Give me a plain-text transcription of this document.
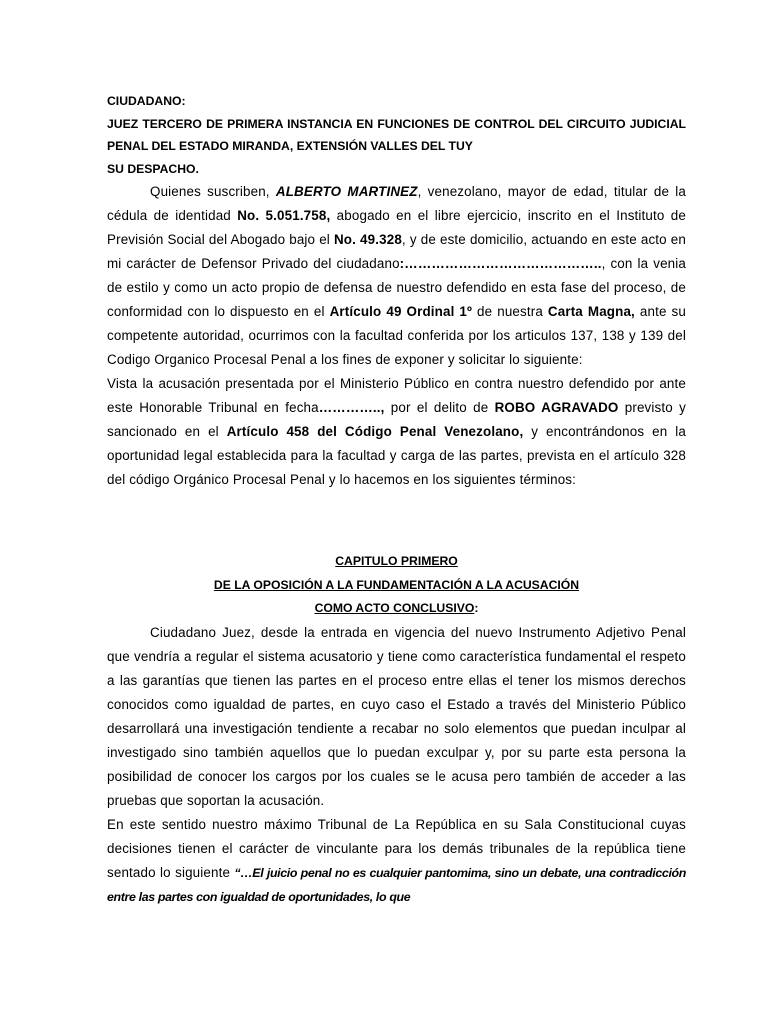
CIUDADANO:
JUEZ TERCERO DE PRIMERA INSTANCIA EN FUNCIONES DE CONTROL DEL CIRCUITO JUDICIAL PENAL DEL ESTADO MIRANDA, EXTENSIÓN VALLES DEL TUY
SU DESPACHO.
Quienes suscriben, ALBERTO MARTINEZ, venezolano, mayor de edad, titular de la cédula de identidad No. 5.051.758, abogado en el libre ejercicio, inscrito en el Instituto de Previsión Social del Abogado bajo el No. 49.328, y de este domicilio, actuando en este acto en mi carácter de Defensor Privado del ciudadano:…………………………………….., con la venia de estilo y como un acto propio de defensa de nuestro defendido en esta fase del proceso, de conformidad con lo dispuesto en el Artículo 49 Ordinal 1º de nuestra Carta Magna, ante su competente autoridad, ocurrimos con la facultad conferida por los articulos 137, 138 y 139 del Codigo Organico Procesal Penal a los fines de exponer y solicitar lo siguiente:
Vista la acusación presentada por el Ministerio Público en contra nuestro defendido por ante este Honorable Tribunal en fecha………….., por el delito de ROBO AGRAVADO previsto y sancionado en el Artículo 458 del Código Penal Venezolano, y encontrándonos en la oportunidad legal establecida para la facultad y carga de las partes, prevista en el artículo 328 del código Orgánico Procesal Penal y lo hacemos en los siguientes términos:
CAPITULO PRIMERO
DE LA OPOSICIÓN A LA FUNDAMENTACIÓN A LA ACUSACIÓN
COMO ACTO CONCLUSIVO:
Ciudadano Juez, desde la entrada en vigencia del nuevo Instrumento Adjetivo Penal que vendría a regular el sistema acusatorio y tiene como característica fundamental el respeto a las garantías que tienen las partes en el proceso entre ellas el tener los mismos derechos conocidos como igualdad de partes, en cuyo caso el Estado a través del Ministerio Público desarrollará una investigación tendiente a recabar no solo elementos que puedan inculpar al investigado sino también aquellos que lo puedan exculpar y, por su parte esta persona la posibilidad de conocer los cargos por los cuales se le acusa pero también de acceder a las pruebas que soportan la acusación.
En este sentido nuestro máximo Tribunal de La República en su Sala Constitucional cuyas decisiones tienen el carácter de vinculante para los demás tribunales de la república tiene sentado lo siguiente “…El juicio penal no es cualquier pantomima, sino un debate, una contradicción entre las partes con igualdad de oportunidades, lo que
